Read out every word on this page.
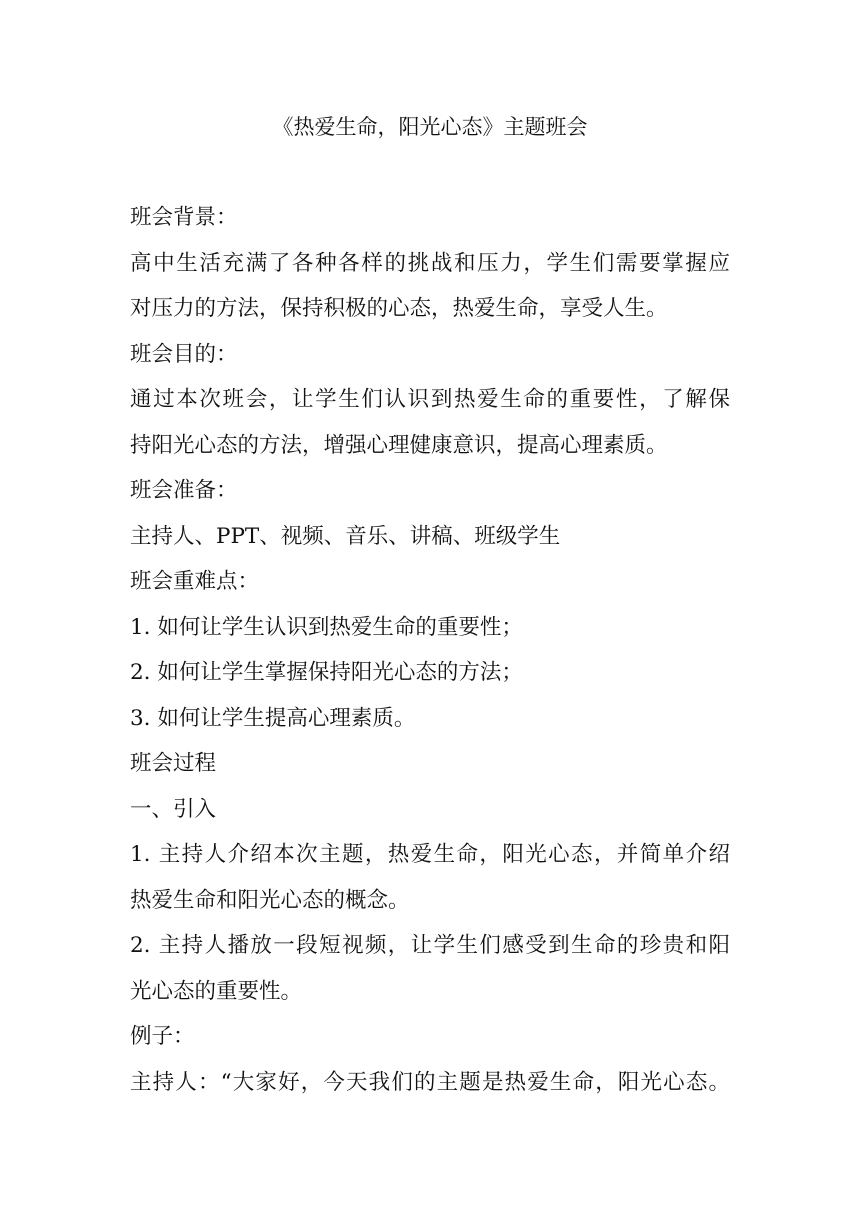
《热爱生命，阳光心态》主题班会
班会背景：
高中生活充满了各种各样的挑战和压力，学生们需要掌握应
对压力的方法，保持积极的心态，热爱生命，享受人生。
班会目的：
通过本次班会，让学生们认识到热爱生命的重要性，了解保
持阳光心态的方法，增强心理健康意识，提高心理素质。
班会准备：
主持人、PPT、视频、音乐、讲稿、班级学生
班会重难点：
1. 如何让学生认识到热爱生命的重要性；
2. 如何让学生掌握保持阳光心态的方法；
3. 如何让学生提高心理素质。
班会过程
一、引入
1. 主持人介绍本次主题，热爱生命，阳光心态，并简单介绍
热爱生命和阳光心态的概念。
2. 主持人播放一段短视频，让学生们感受到生命的珍贵和阳
光心态的重要性。
例子：
主持人：“大家好，今天我们的主题是热爱生命，阳光心态。
